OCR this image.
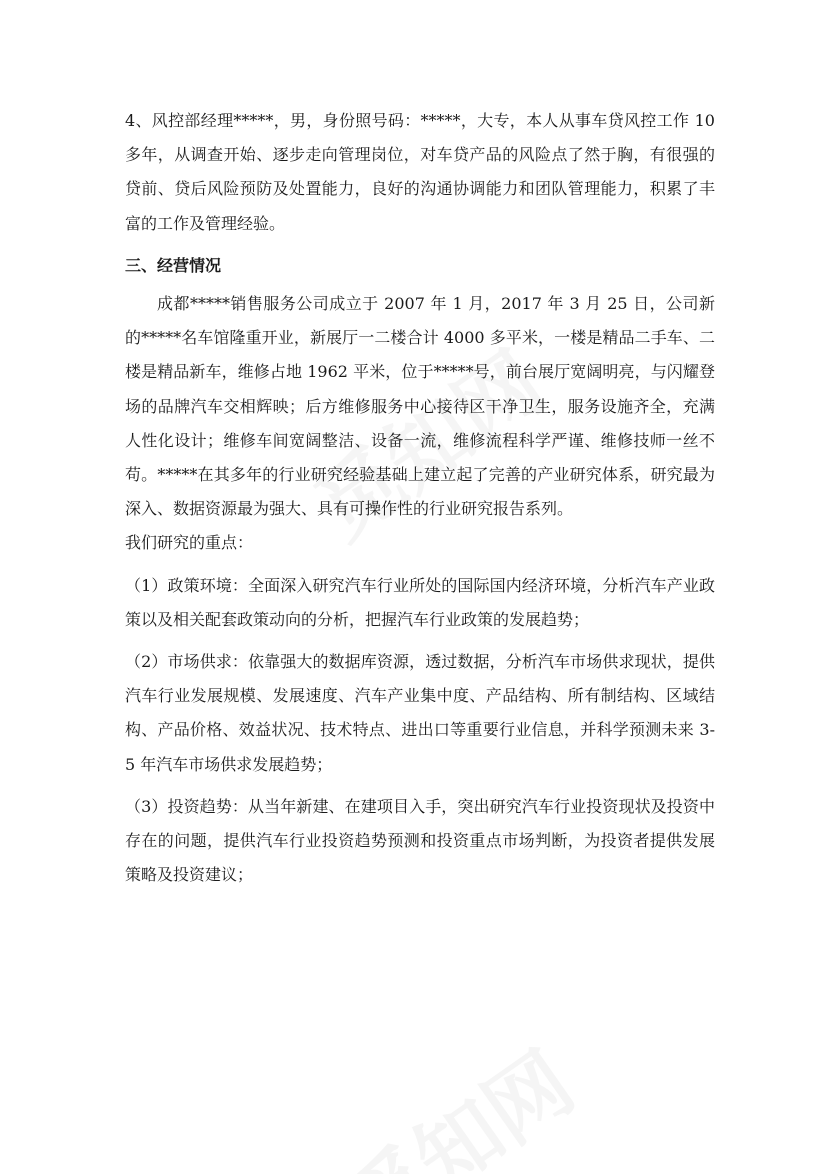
4、风控部经理*****，男，身份照号码：*****，大专，本人从事车贷风控工作 10 多年，从调查开始、逐步走向管理岗位，对车贷产品的风险点了然于胸，有很强的贷前、贷后风险预防及处置能力，良好的沟通协调能力和团队管理能力，积累了丰富的工作及管理经验。

三、经营情况

成都*****销售服务公司成立于 2007 年 1 月，2017 年 3 月 25 日，公司新的*****名车馆隆重开业，新展厅一二楼合计 4000 多平米，一楼是精品二手车、二楼是精品新车，维修占地 1962 平米，位于*****号，前台展厅宽阔明亮，与闪耀登场的品牌汽车交相辉映；后方维修服务中心接待区干净卫生，服务设施齐全，充满人性化设计；维修车间宽阔整洁、设备一流，维修流程科学严谨、维修技师一丝不苟。*****在其多年的行业研究经验基础上建立起了完善的产业研究体系，研究最为深入、数据资源最为强大、具有可操作性的行业研究报告系列。

我们研究的重点：

（1）政策环境：全面深入研究汽车行业所处的国际国内经济环境，分析汽车产业政策以及相关配套政策动向的分析，把握汽车行业政策的发展趋势；

（2）市场供求：依靠强大的数据库资源，透过数据，分析汽车市场供求现状，提供汽车行业发展规模、发展速度、汽车产业集中度、产品结构、所有制结构、区域结构、产品价格、效益状况、技术特点、进出口等重要行业信息，并科学预测未来 3-5 年汽车市场供求发展趋势；

（3）投资趋势：从当年新建、在建项目入手，突出研究汽车行业投资现状及投资中存在的问题，提供汽车行业投资趋势预测和投资重点市场判断，为投资者提供发展策略及投资建议；
